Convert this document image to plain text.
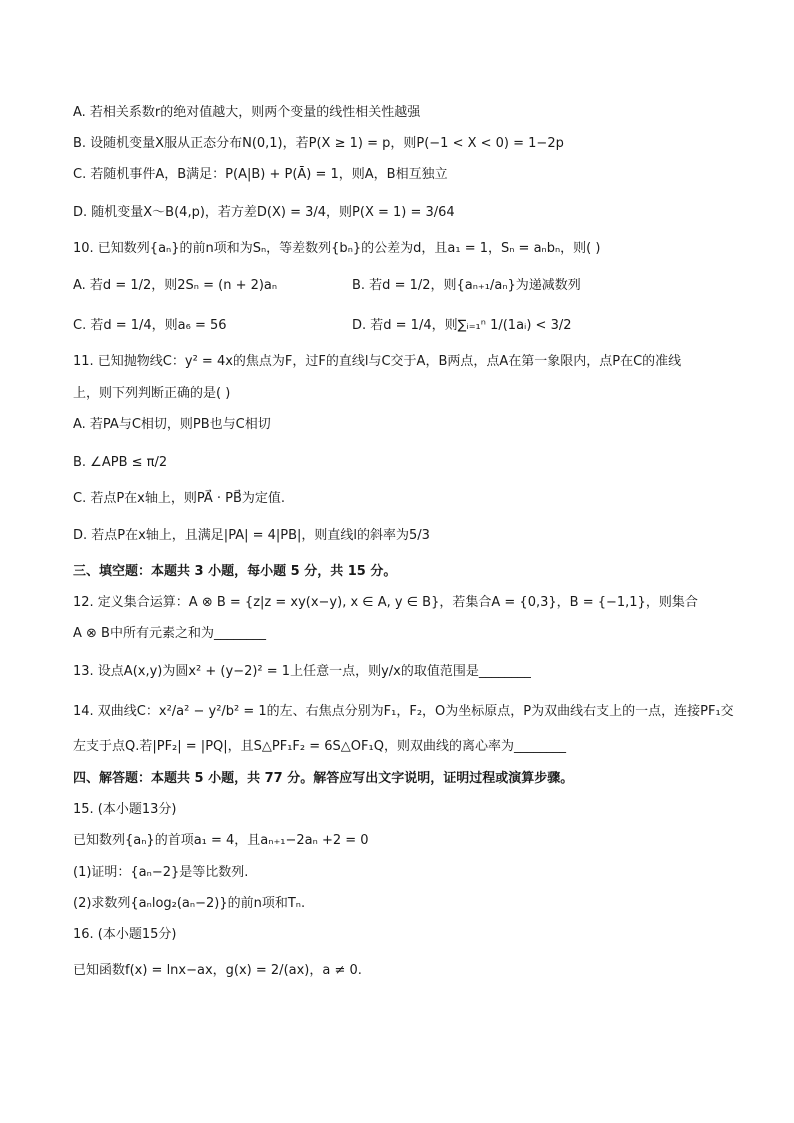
A. 若相关系数r的绝对值越大，则两个变量的线性相关性越强
B. 设随机变量X服从正态分布N(0,1)，若P(X ≥ 1) = p，则P(−1 < X < 0) = 1−2p
C. 若随机事件A，B满足：P(A|B) + P(Ā) = 1，则A，B相互独立
D. 随机变量X～B(4,p)，若方差D(X) = 3/4，则P(X = 1) = 3/64
10. 已知数列{aₙ}的前n项和为Sₙ，等差数列{bₙ}的公差为d，且a₁ = 1，Sₙ = aₙbₙ，则( )
A. 若d = 1/2，则2Sₙ = (n + 2)aₙ	B. 若d = 1/2，则{aₙ₊₁/aₙ}为递减数列
C. 若d = 1/4，则a₆ = 56	D. 若d = 1/4，则∑ᵢ₌₁ⁿ 1/(1aᵢ) < 3/2
11. 已知抛物线C：y² = 4x的焦点为F，过F的直线l与C交于A，B两点，点A在第一象限内，点P在C的准线
上，则下列判断正确的是( )
A. 若PA与C相切，则PB也与C相切
B. ∠APB ≤ π/2
C. 若点P在x轴上，则PA⃗ · PB⃗为定值.
D. 若点P在x轴上，且满足|PA| = 4|PB|，则直线l的斜率为5/3
三、填空题：本题共 3 小题，每小题 5 分，共 15 分。
12. 定义集合运算：A ⊗ B = {z|z = xy(x−y), x ∈ A, y ∈ B}，若集合A = {0,3}，B = {−1,1}，则集合
A ⊗ B中所有元素之和为________
13. 设点A(x,y)为圆x² + (y−2)² = 1上任意一点，则y/x的取值范围是________
14. 双曲线C：x²/a² − y²/b² = 1的左、右焦点分别为F₁，F₂，O为坐标原点，P为双曲线右支上的一点，连接PF₁交
左支于点Q.若|PF₂| = |PQ|，且S△PF₁F₂ = 6S△OF₁Q，则双曲线的离心率为________
四、解答题：本题共 5 小题，共 77 分。解答应写出文字说明，证明过程或演算步骤。
15. (本小题13分)
已知数列{aₙ}的首项a₁ = 4，且aₙ₊₁−2aₙ +2 = 0
(1)证明：{aₙ−2}是等比数列.
(2)求数列{aₙlog₂(aₙ−2)}的前n项和Tₙ.
16. (本小题15分)
已知函数f(x) = lnx−ax，g(x) = 2/(ax)，a ≠ 0.
